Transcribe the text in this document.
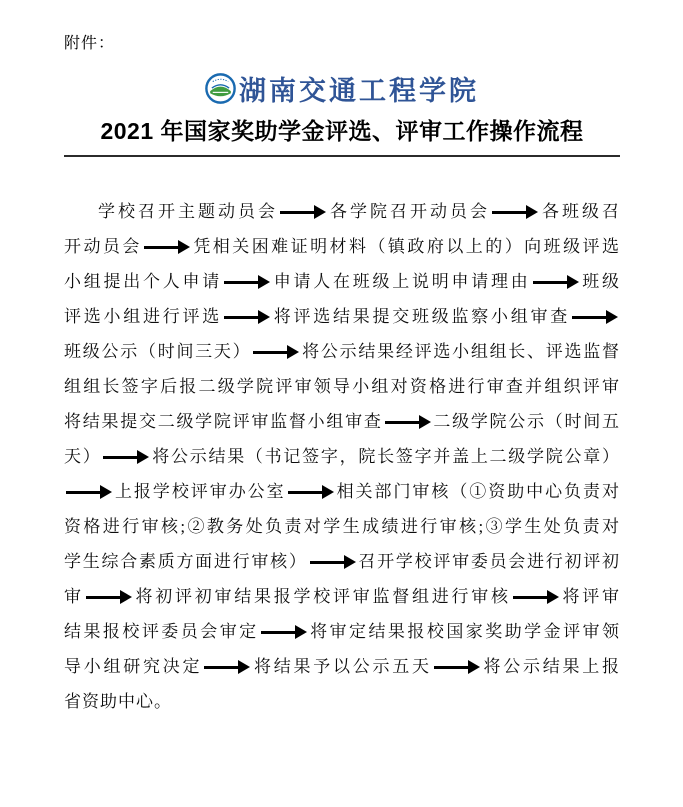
附件：
湖南交通工程学院
2021 年国家奖助学金评选、评审工作操作流程
学校召开主题动员会	各学院召开动员会	各班级召
开动员会	凭相关困难证明材料（镇政府以上的）向班级评选
小组提出个人申请	申请人在班级上说明申请理由	班级
评选小组进行评选	将评选结果提交班级监察小组审查
班级公示（时间三天）	将公示结果经评选小组组长、评选监督
组组长签字后报二级学院评审领导小组对资格进行审查并组织评审
将结果提交二级学院评审监督小组审查	二级学院公示（时间五
天）	将公示结果（书记签字，院长签字并盖上二级学院公章）
上报学校评审办公室	相关部门审核（①资助中心负责对
资格进行审核;②教务处负责对学生成绩进行审核;③学生处负责对
学生综合素质方面进行审核）	召开学校评审委员会进行初评初
审	将初评初审结果报学校评审监督组进行审核	将评审
结果报校评委员会审定	将审定结果报校国家奖助学金评审领
导小组研究决定	将结果予以公示五天	将公示结果上报
省资助中心。
